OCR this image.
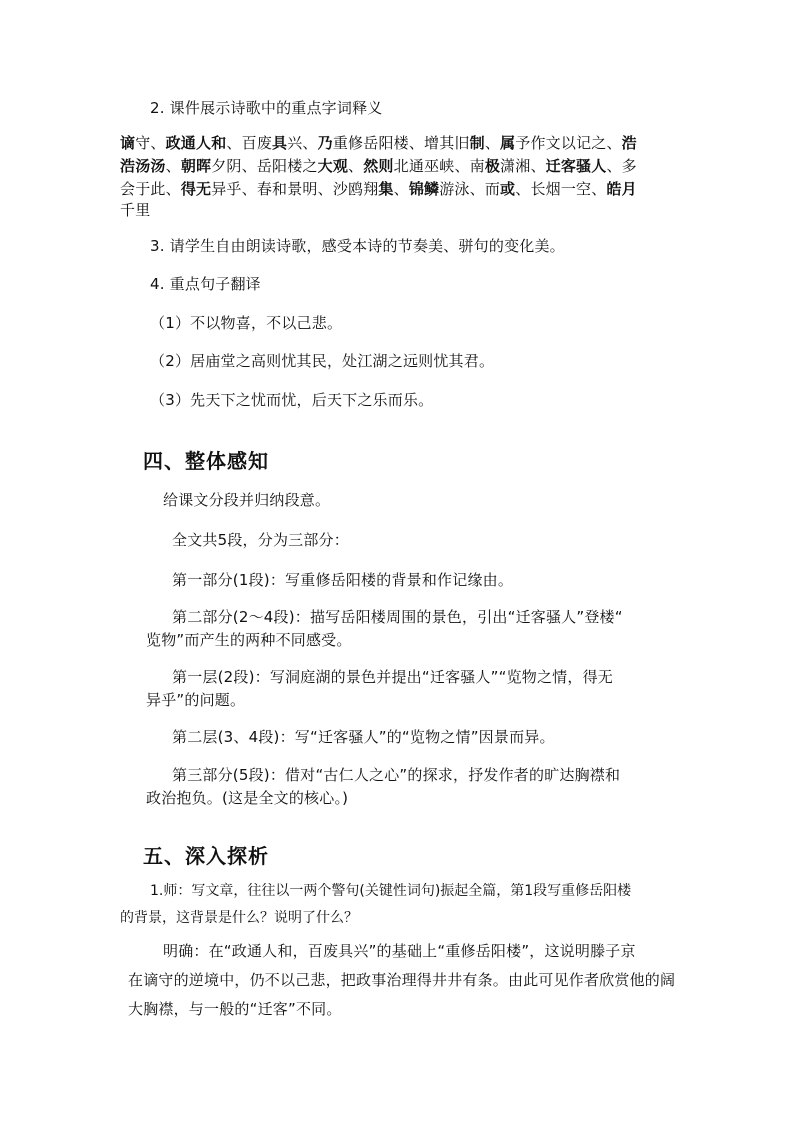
2. 课件展示诗歌中的重点字词释义

谪守、政通人和、百废具兴、乃重修岳阳楼、增其旧制、属予作文以记之、浩

浩汤汤、朝晖夕阴、岳阳楼之大观、然则北通巫峡、南极潇湘、迁客骚人、多

会于此、得无异乎、春和景明、沙鸥翔集、锦鳞游泳、而或、长烟一空、皓月

千里

3. 请学生自由朗读诗歌，感受本诗的节奏美、骈句的变化美。

4. 重点句子翻译

（1）不以物喜，不以己悲。

（2）居庙堂之高则忧其民，处江湖之远则忧其君。

（3）先天下之忧而忧，后天下之乐而乐。

四、整体感知

给课文分段并归纳段意。

全文共5段，分为三部分：

第一部分(1段)：写重修岳阳楼的背景和作记缘由。

第二部分(2～4段)：描写岳阳楼周围的景色，引出“迁客骚人”登楼“

览物”而产生的两种不同感受。

第一层(2段)：写洞庭湖的景色并提出“迁客骚人”“览物之情，得无

异乎”的问题。

第二层(3、4段)：写“迁客骚人”的“览物之情”因景而异。

第三部分(5段)：借对“古仁人之心”的探求，抒发作者的旷达胸襟和

政治抱负。(这是全文的核心。)

五、深入探析

1.师：写文章，往往以一两个警句(关键性词句)振起全篇，第1段写重修岳阳楼

的背景，这背景是什么？说明了什么？

明确：在“政通人和，百废具兴”的基础上“重修岳阳楼”，这说明滕子京

在谪守的逆境中，仍不以己悲，把政事治理得井井有条。由此可见作者欣赏他的阔

大胸襟，与一般的“迁客”不同。
